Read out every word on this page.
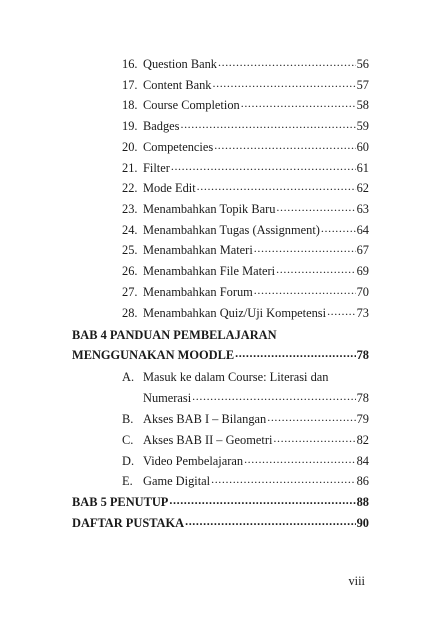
16. Question Bank .....	56
17. Content Bank .....	57
18. Course Completion .....	58
19. Badges .....	59
20. Competencies .....	60
21. Filter .....	61
22. Mode Edit .....	62
23. Menambahkan Topik Baru .....	63
24. Menambahkan Tugas (Assignment) .....	64
25. Menambahkan Materi .....	67
26. Menambahkan File Materi .....	69
27. Menambahkan Forum .....	70
28. Menambahkan Quiz/Uji Kompetensi ..... 73
BAB 4 PANDUAN PEMBELAJARAN
MENGGUNAKAN MOODLE .....	78
A. Masuk ke dalam Course: Literasi dan
Numerasi .....	78
B. Akses BAB I – Bilangan .....	79
C. Akses BAB II – Geometri .....	82
D. Video Pembelajaran .....	84
E. Game Digital .....	86
BAB 5 PENUTUP .....	88
DAFTAR PUSTAKA .....	90
viii
